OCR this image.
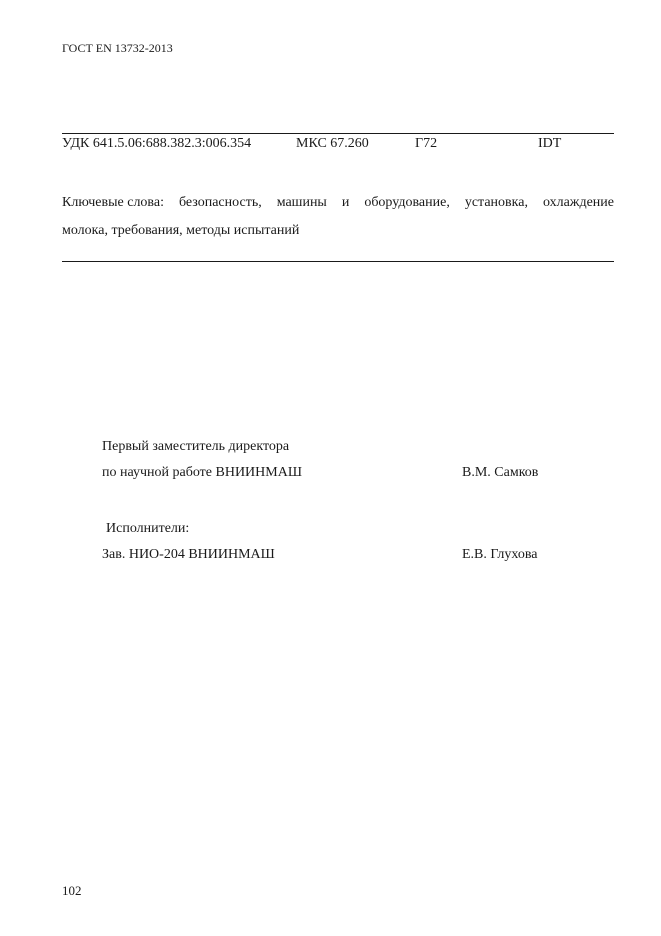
ГОСТ EN 13732-2013
УДК 641.5.06:688.382.3:006.354	МКС 67.260	Г72	IDT
Ключевые слова: безопасность, машины и оборудование, установка, охлаждение
молока, требования, методы испытаний
Первый заместитель директора
по научной работе ВНИИНМАШ	В.М. Самков
Исполнители:
Зав. НИО-204 ВНИИНМАШ	Е.В. Глухова
102
